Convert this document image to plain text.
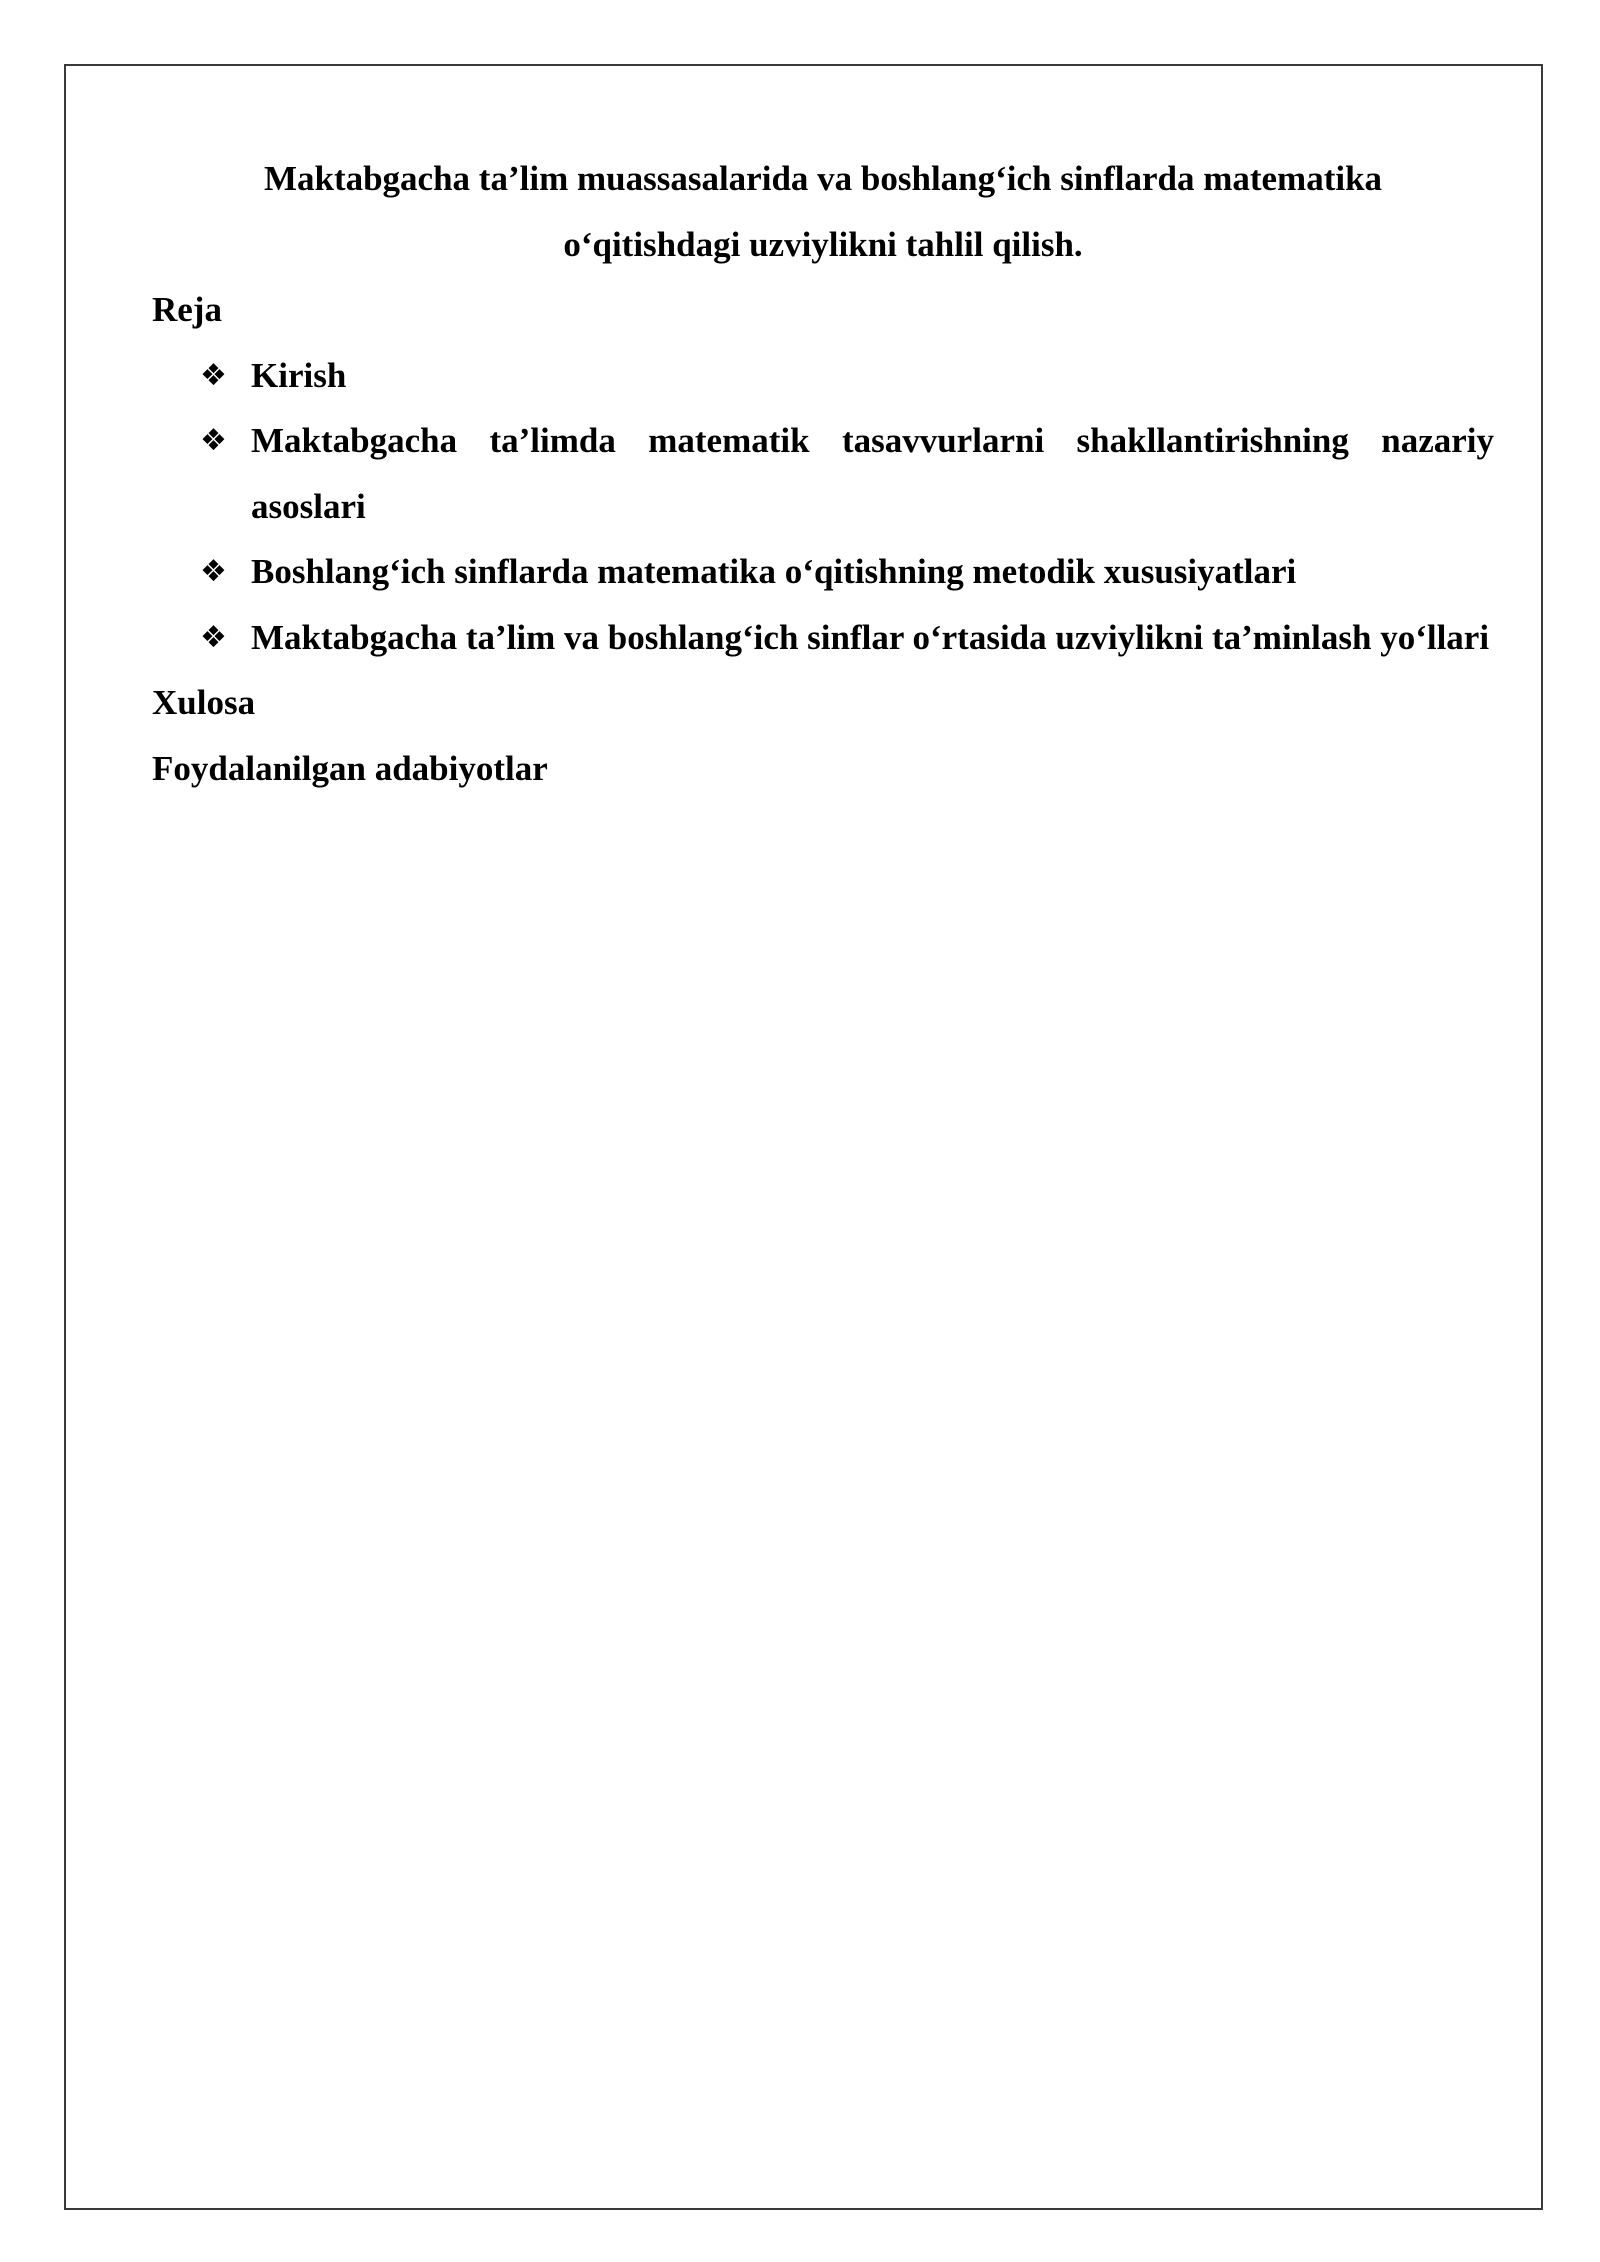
Maktabgacha ta’lim muassasalarida va boshlang‘ich sinflarda matematika
o‘qitishdagi uzviylikni tahlil qilish.

Reja

❖ Kirish
❖ Maktabgacha ta’limda matematik tasavvurlarni shakllantirishning nazariy asoslari
❖ Boshlang‘ich sinflarda matematika o‘qitishning metodik xususiyatlari
❖ Maktabgacha ta’lim va boshlang‘ich sinflar o‘rtasida uzviylikni ta’minlash yo‘llari

Xulosa

Foydalanilgan adabiyotlar
